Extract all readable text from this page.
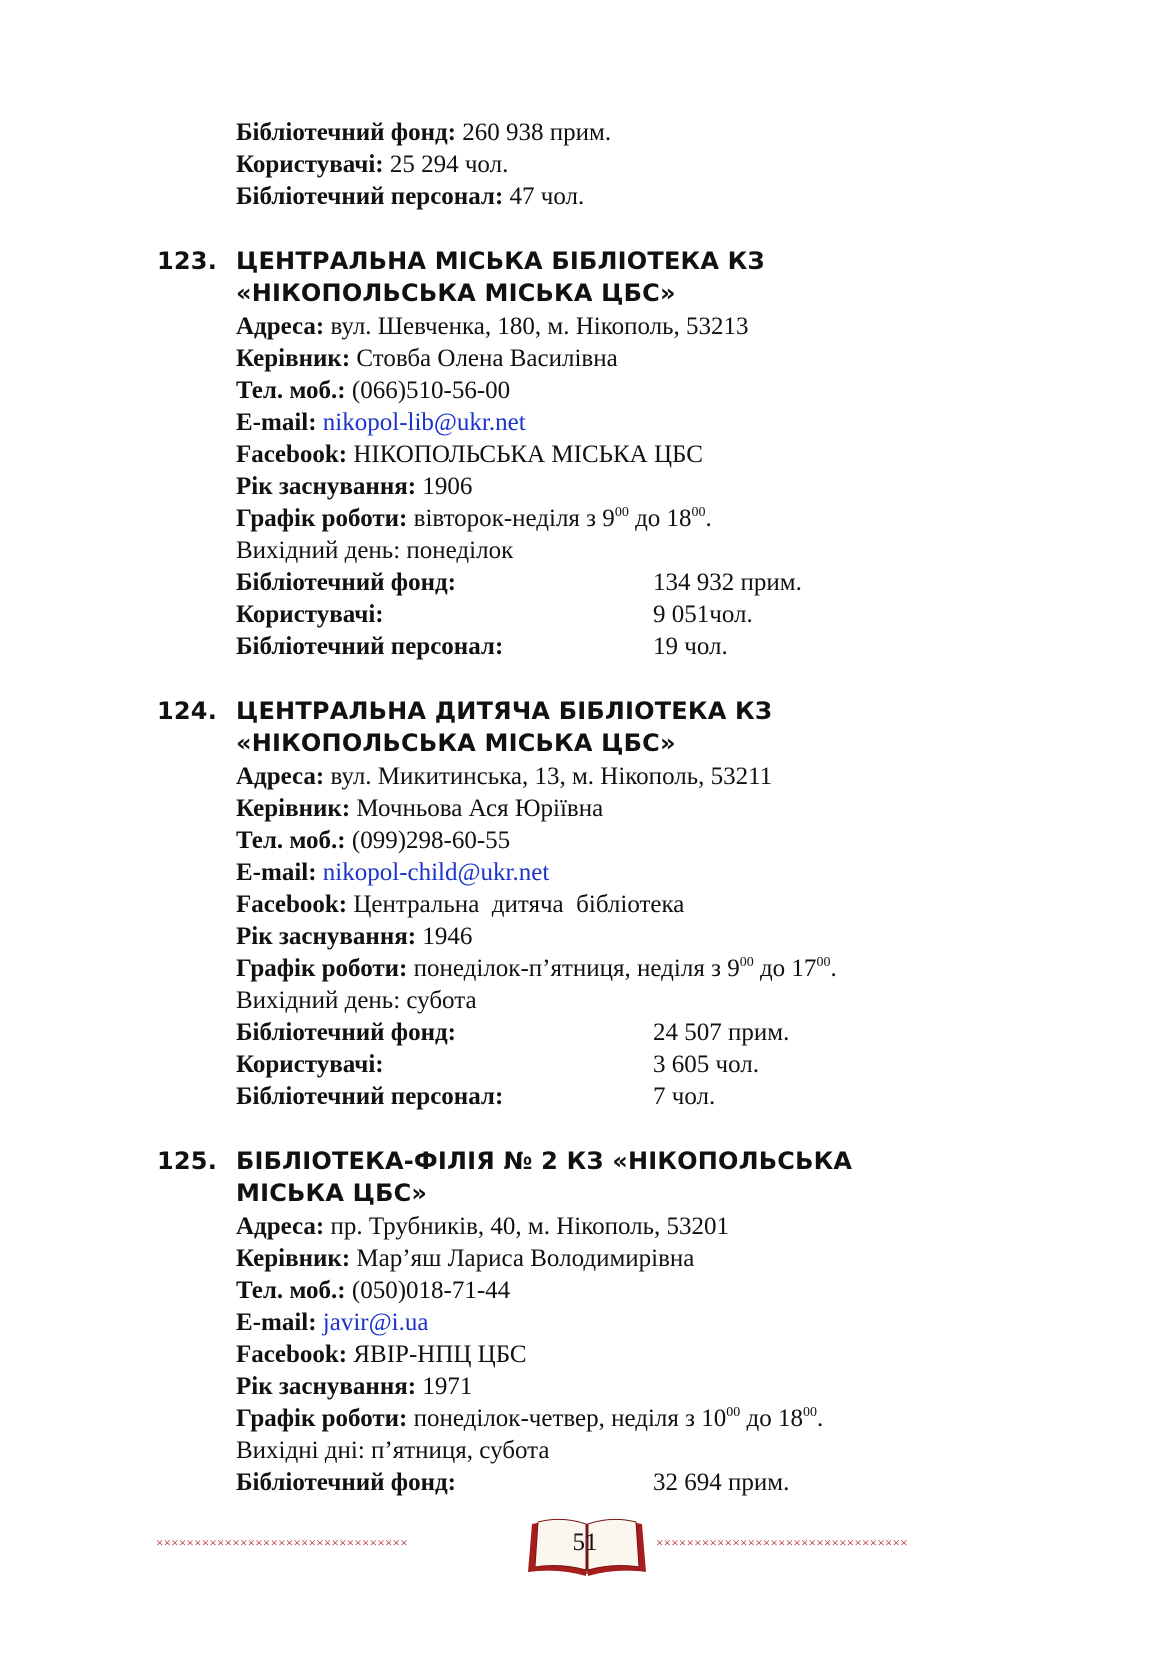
Бібліотечний фонд: 260 938 прим.
Користувачі: 25 294 чол.
Бібліотечний персонал: 47 чол.
123. ЦЕНТРАЛЬНА МІСЬКА БІБЛІОТЕКА КЗ
«НІКОПОЛЬСЬКА МІСЬКА ЦБС»
Адреса: вул. Шевченка, 180, м. Нікополь, 53213
Керівник: Стовба Олена Василівна
Тел. моб.: (066)510-56-00
E-mail: nikopol-lib@ukr.net
Facebook: НІКОПОЛЬСЬКА МІСЬКА ЦБС
Рік заснування: 1906
Графік роботи: вівторок-неділя з $9^{00}$ до $18^{00}$.
Вихідний день: понеділок
Бібліотечний фонд:	134 932 прим.
Користувачі:	9 051чол.
Бібліотечний персонал:	19 чол.
124. ЦЕНТРАЛЬНА ДИТЯЧА БІБЛІОТЕКА КЗ
«НІКОПОЛЬСЬКА МІСЬКА ЦБС»
Адреса: вул. Микитинська, 13, м. Нікополь, 53211
Керівник: Мочньова Ася Юріївна
Тел. моб.: (099)298-60-55
E-mail: nikopol-child@ukr.net
Facebook: Центральна  дитяча  бібліотека
Рік заснування: 1946
Графік роботи: понеділок-п’ятниця, неділя з $9^{00}$ до $17^{00}$.
Вихідний день: субота
Бібліотечний фонд:	24 507 прим.
Користувачі:	3 605 чол.
Бібліотечний персонал:	7 чол.
125. БІБЛІОТЕКА-ФІЛІЯ № 2 КЗ «НІКОПОЛЬСЬКА
МІСЬКА ЦБС»
Адреса: пр. Трубників, 40, м. Нікополь, 53201
Керівник: Мар’яш Лариса Володимирівна
Тел. моб.: (050)018-71-44
E-mail: javir@i.ua
Facebook: ЯВІР-НПЦ ЦБС
Рік заснування: 1971
Графік роботи: понеділок-четвер, неділя з $10^{00}$ до $18^{00}$.
Вихідні дні: п’ятниця, субота
Бібліотечний фонд:	32 694 прим.
×××××××××××××××××××××××××××××××××	×××××××××××××××××××××××××××××××××
51
